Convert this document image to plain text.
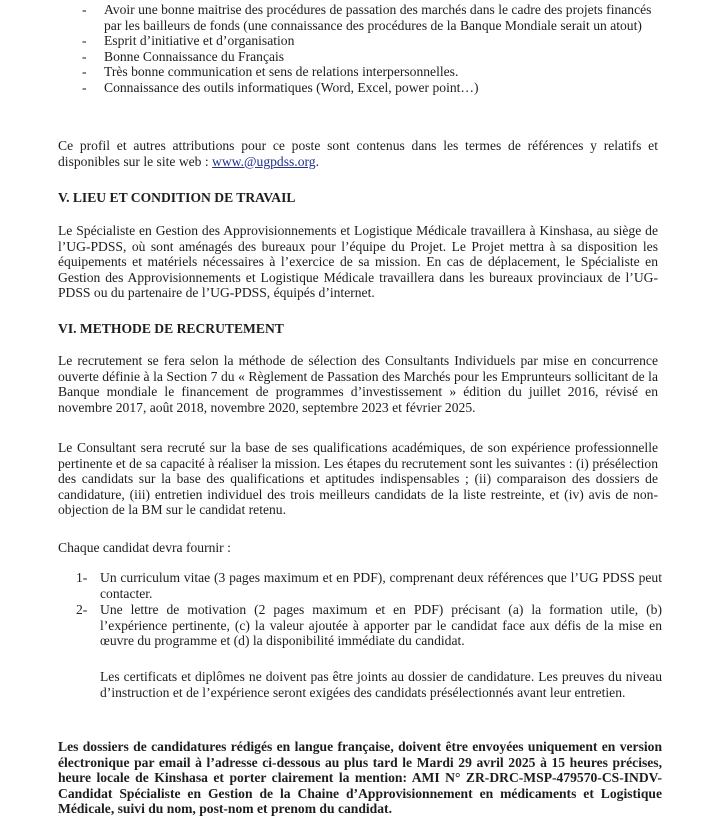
- Avoir une bonne maitrise des procédures de passation des marchés dans le cadre des projets financés par les bailleurs de fonds (une connaissance des procédures de la Banque Mondiale serait un atout)
- Esprit d’initiative et d’organisation
- Bonne Connaissance du Français
- Très bonne communication et sens de relations interpersonnelles.
- Connaissance des outils informatiques (Word, Excel, power point…)
Ce profil et autres attributions pour ce poste sont contenus dans les termes de références y relatifs et disponibles sur le site web : www.@ugpdss.org.
V. LIEU ET CONDITION DE TRAVAIL
Le Spécialiste en Gestion des Approvisionnements et Logistique Médicale travaillera à Kinshasa, au siège de l’UG-PDSS, où sont aménagés des bureaux pour l’équipe du Projet. Le Projet mettra à sa disposition les équipements et matériels nécessaires à l’exercice de sa mission. En cas de déplacement, le Spécialiste en Gestion des Approvisionnements et Logistique Médicale travaillera dans les bureaux provinciaux de l’UG-PDSS ou du partenaire de l’UG-PDSS, équipés d’internet.
VI. METHODE DE RECRUTEMENT
Le recrutement se fera selon la méthode de sélection des Consultants Individuels par mise en concurrence ouverte définie à la Section 7 du « Règlement de Passation des Marchés pour les Emprunteurs sollicitant de la Banque mondiale le financement de programmes d’investissement » édition du juillet 2016, révisé en novembre 2017, août 2018, novembre 2020, septembre 2023 et février 2025.
Le Consultant sera recruté sur la base de ses qualifications académiques, de son expérience professionnelle pertinente et de sa capacité à réaliser la mission. Les étapes du recrutement sont les suivantes : (i) présélection des candidats sur la base des qualifications et aptitudes indispensables ; (ii) comparaison des dossiers de candidature, (iii) entretien individuel des trois meilleurs candidats de la liste restreinte, et (iv) avis de non-objection de la BM sur le candidat retenu.
Chaque candidat devra fournir :
1- Un curriculum vitae (3 pages maximum et en PDF), comprenant deux références que l’UG PDSS peut contacter.
2- Une lettre de motivation (2 pages maximum et en PDF) précisant (a) la formation utile, (b) l’expérience pertinente, (c) la valeur ajoutée à apporter par le candidat face aux défis de la mise en œuvre du programme et (d) la disponibilité immédiate du candidat.
Les certificats et diplômes ne doivent pas être joints au dossier de candidature. Les preuves du niveau d’instruction et de l’expérience seront exigées des candidats présélectionnés avant leur entretien.
Les dossiers de candidatures rédigés en langue française, doivent être envoyées uniquement en version électronique par email à l’adresse ci-dessous au plus tard le Mardi 29 avril 2025 à 15 heures précises, heure locale de Kinshasa et porter clairement la mention: AMI N° ZR-DRC-MSP-479570-CS-INDV-Candidat Spécialiste en Gestion de la Chaine d’Approvisionnement en médicaments et Logistique Médicale, suivi du nom, post-nom et prenom du candidat.
